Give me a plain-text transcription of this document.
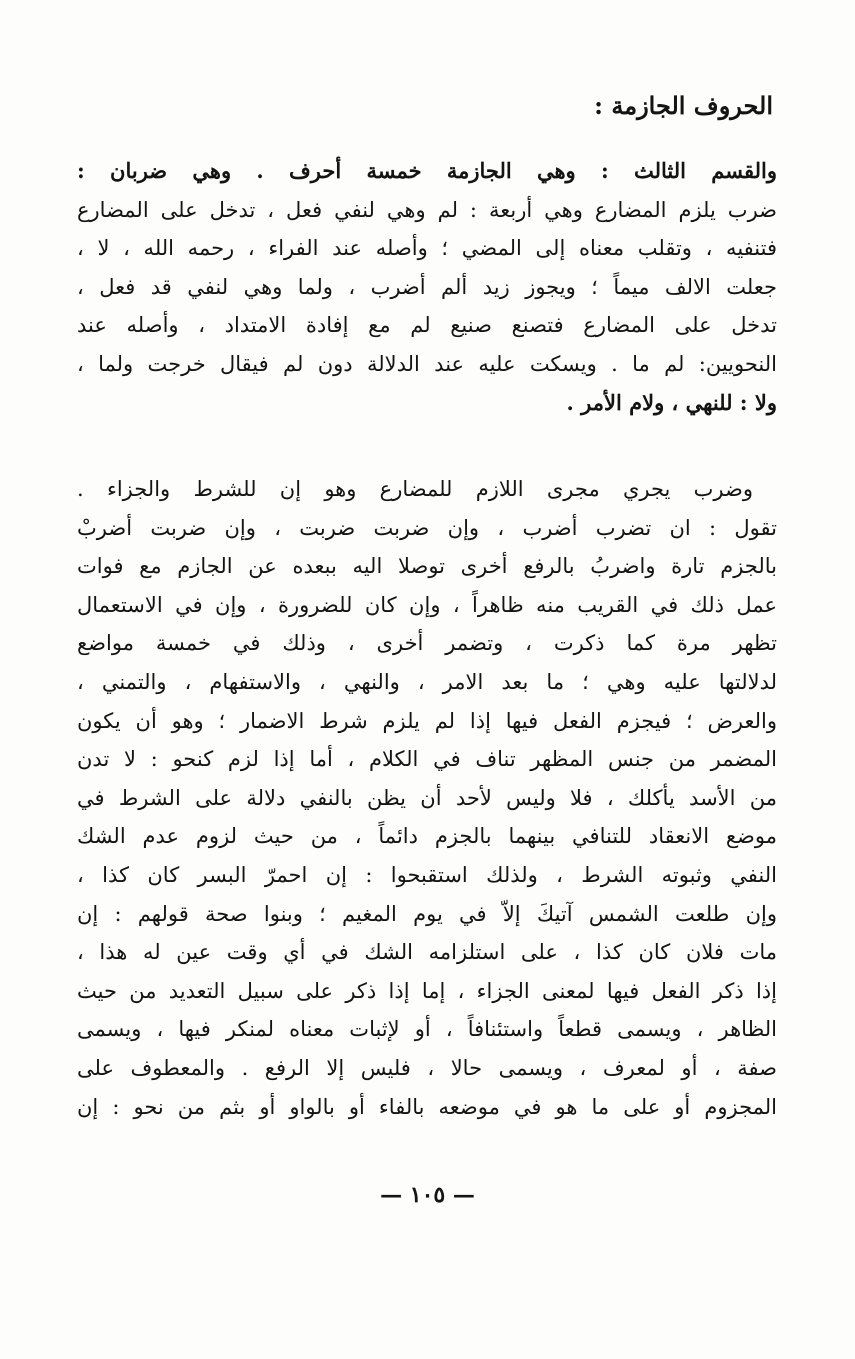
الحروف الجازمة :
والقسم الثالث : وهي الجازمة خمسة أحرف . وهي ضربان :
ضرب يلزم المضارع وهي أربعة : لم وهي لنفي فعل ، تدخل على المضارع
فتنفيه ، وتقلب معناه إلى المضي ؛ وأصله عند الفراء ، رحمه الله ، لا ،
جعلت الالف ميماً ؛ ويجوز زيد ألم أضرب ، ولما وهي لنفي قد فعل ،
تدخل على المضارع فتصنع صنيع لم مع إفادة الامتداد ، وأصله عند
النحويين: لم ما . ويسكت عليه عند الدلالة دون لم فيقال خرجت ولما ،
ولا : للنهي ، ولام الأمر .
وضرب يجري مجرى اللازم للمضارع وهو إن للشرط والجزاء .
تقول : ان تضرب أضرب ، وإن ضربت ضربت ، وإن ضربت أضربْ
بالجزم تارة واضربُ بالرفع أخرى توصلا اليه ببعده عن الجازم مع فوات
عمل ذلك في القريب منه ظاهراً ، وإن كان للضرورة ، وإن في الاستعمال
تظهر مرة كما ذكرت ، وتضمر أخرى ، وذلك في خمسة مواضع
لدلالتها عليه وهي ؛ ما بعد الامر ، والنهي ، والاستفهام ، والتمني ،
والعرض ؛ فيجزم الفعل فيها إذا لم يلزم شرط الاضمار ؛ وهو أن يكون
المضمر من جنس المظهر تناف في الكلام ، أما إذا لزم كنحو : لا تدن
من الأسد يأكلك ، فلا وليس لأحد أن يظن بالنفي دلالة على الشرط في
موضع الانعقاد للتنافي بينهما بالجزم دائماً ، من حيث لزوم عدم الشك
النفي وثبوته الشرط ، ولذلك استقبحوا : إن احمرّ البسر كان كذا ،
وإن طلعت الشمس آتيكَ إلاّ في يوم المغيم ؛ وبنوا صحة قولهم : إن
مات فلان كان كذا ، على استلزامه الشك في أي وقت عين له هذا ،
إذا ذكر الفعل فيها لمعنى الجزاء ، إما إذا ذكر على سبيل التعديد من حيث
الظاهر ، ويسمى قطعاً واستئنافاً ، أو لإثبات معناه لمنكر فيها ، ويسمى
صفة ، أو لمعرف ، ويسمى حالا ، فليس إلا الرفع . والمعطوف على
المجزوم أو على ما هو في موضعه بالفاء أو بالواو أو بثم من نحو : إن
— ١٠٥ —
